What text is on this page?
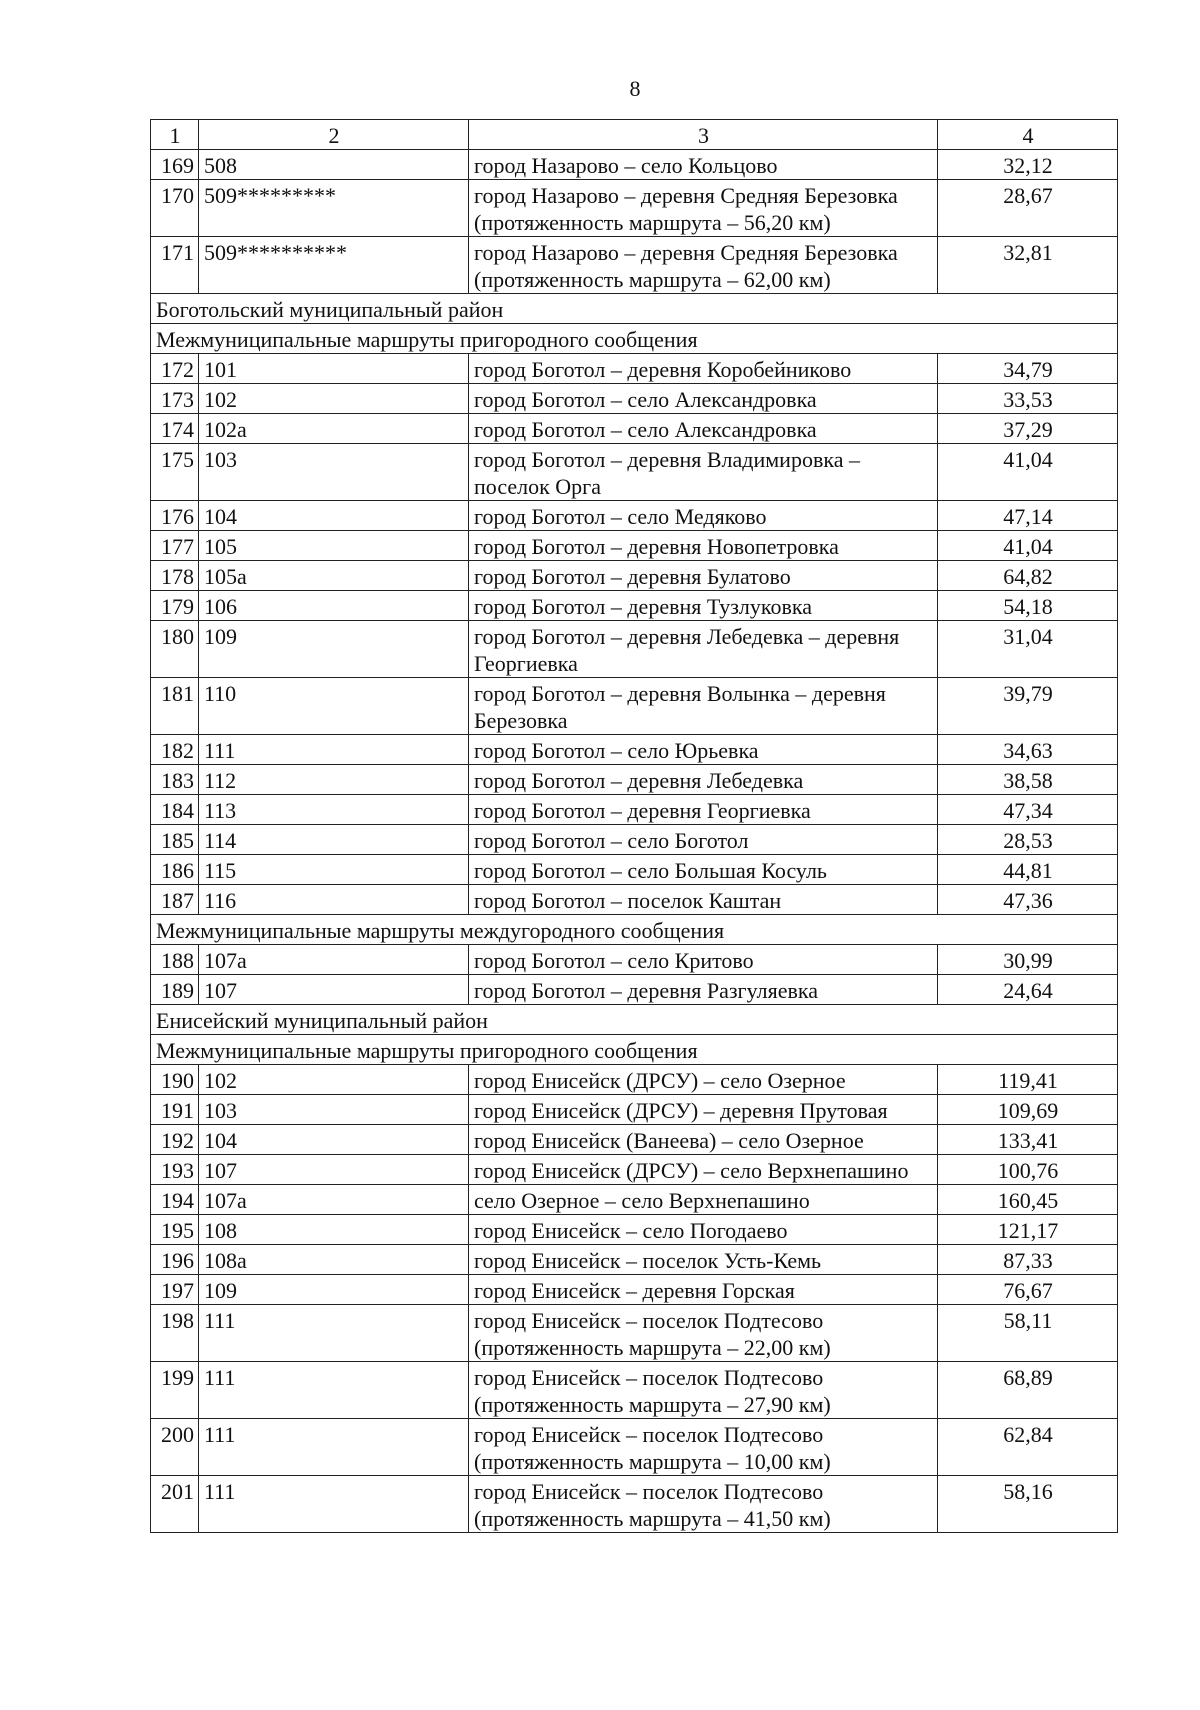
8
1	2	3	4
169	508	город Назарово – село Кольцово	32,12
170	509*********	город Назарово – деревня Средняя Березовка (протяженность маршрута – 56,20 км)	28,67
171	509**********	город Назарово – деревня Средняя Березовка (протяженность маршрута – 62,00 км)	32,81
Боготольский муниципальный район			
Межмуниципальные маршруты пригородного сообщения			
172	101	город Боготол – деревня Коробейниково	34,79
173	102	город Боготол – село Александровка	33,53
174	102а	город Боготол – село Александровка	37,29
175	103	город Боготол – деревня Владимировка – поселок Орга	41,04
176	104	город Боготол – село Медяково	47,14
177	105	город Боготол – деревня Новопетровка	41,04
178	105а	город Боготол – деревня Булатово	64,82
179	106	город Боготол – деревня Тузлуковка	54,18
180	109	город Боготол – деревня Лебедевка – деревня Георгиевка	31,04
181	110	город Боготол – деревня Волынка – деревня Березовка	39,79
182	111	город Боготол – село Юрьевка	34,63
183	112	город Боготол – деревня Лебедевка	38,58
184	113	город Боготол – деревня Георгиевка	47,34
185	114	город Боготол – село Боготол	28,53
186	115	город Боготол – село Большая Косуль	44,81
187	116	город Боготол – поселок Каштан	47,36
Межмуниципальные маршруты междугородного сообщения			
188	107а	город Боготол – село Критово	30,99
189	107	город Боготол – деревня Разгуляевка	24,64
Енисейский муниципальный район			
Межмуниципальные маршруты пригородного сообщения			
190	102	город Енисейск (ДРСУ) – село Озерное	119,41
191	103	город Енисейск (ДРСУ) – деревня Прутовая	109,69
192	104	город Енисейск (Ванеева) – село Озерное	133,41
193	107	город Енисейск (ДРСУ) – село Верхнепашино	100,76
194	107а	село Озерное – село Верхнепашино	160,45
195	108	город Енисейск – село Погодаево	121,17
196	108а	город Енисейск – поселок Усть-Кемь	87,33
197	109	город Енисейск – деревня Горская	76,67
198	111	город Енисейск – поселок Подтесово (протяженность маршрута – 22,00 км)	58,11
199	111	город Енисейск – поселок Подтесово (протяженность маршрута – 27,90 км)	68,89
200	111	город Енисейск – поселок Подтесово (протяженность маршрута – 10,00 км)	62,84
201	111	город Енисейск – поселок Подтесово (протяженность маршрута – 41,50 км)	58,16
